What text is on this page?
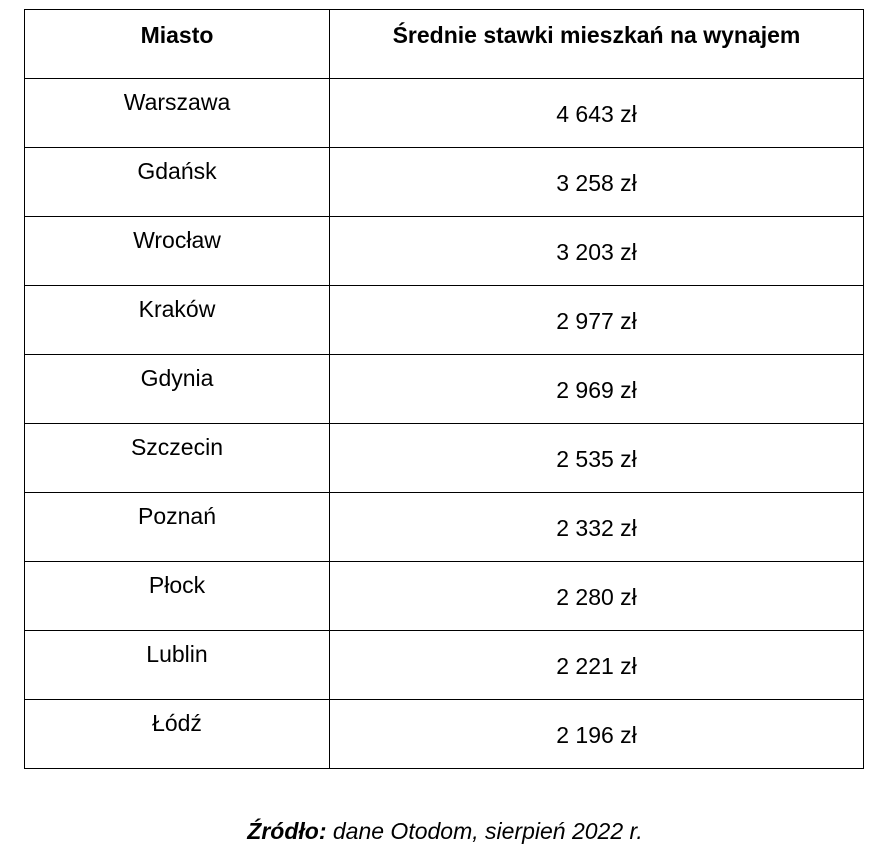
Miasto	Średnie stawki mieszkań na wynajem
Warszawa	4 643 zł
Gdańsk	3 258 zł
Wrocław	3 203 zł
Kraków	2 977 zł
Gdynia	2 969 zł
Szczecin	2 535 zł
Poznań	2 332 zł
Płock	2 280 zł
Lublin	2 221 zł
Łódź	2 196 zł
Źródło: dane Otodom, sierpień 2022 r.
